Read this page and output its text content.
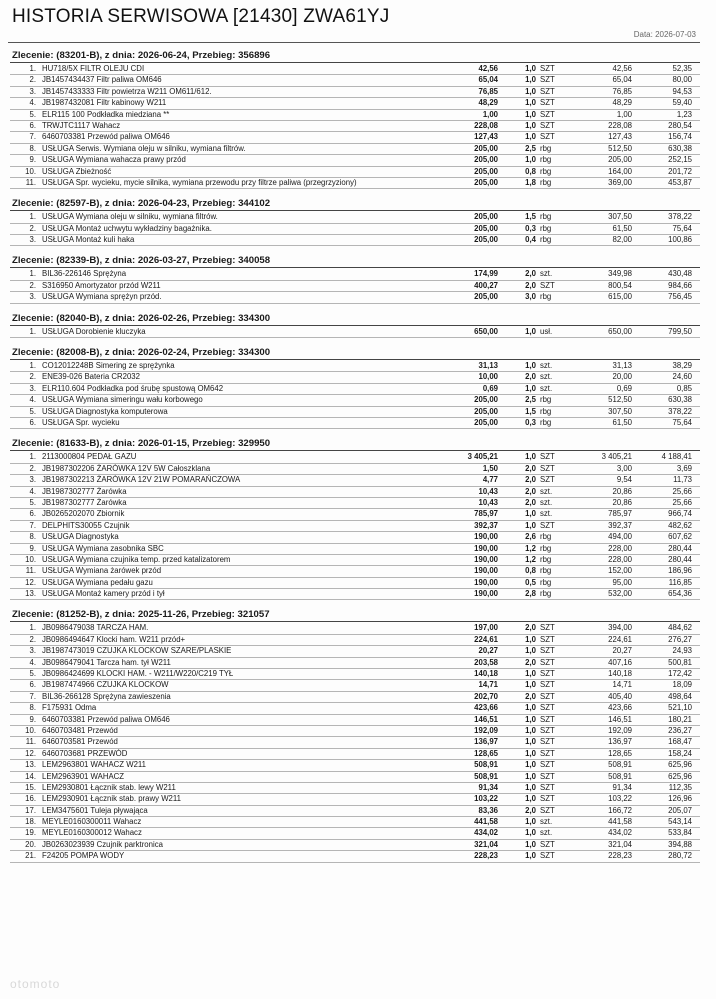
HISTORIA SERWISOWA [21430] ZWA61YJ
Data: 2026-07-03
Zlecenie: (83201-B), z dnia: 2026-06-24, Przebieg: 356896
1. HU718/5X FILTR OLEJU CDI	42,56	1,0 SZT	42,56	52,35
2. JB1457434437 Filtr paliwa OM646	65,04	1,0 SZT	65,04	80,00
3. JB1457433333 Filtr powietrza W211 OM611/612.	76,85	1,0 SZT	76,85	94,53
4. JB1987432081 Filtr kabinowy W211	48,29	1,0 SZT	48,29	59,40
5. ELR115 100 Podkładka miedziana **	1,00	1,0 SZT	1,00	1,23
6. TRWJTC1117 Wahacz	228,08	1,0 SZT	228,08	280,54
7. 6460703381 Przewód paliwa OM646	127,43	1,0 SZT	127,43	156,74
8. USŁUGA Serwis. Wymiana oleju w silniku, wymiana filtrów.	205,00	2,5 rbg	512,50	630,38
9. USŁUGA Wymiana wahacza prawy przód	205,00	1,0 rbg	205,00	252,15
10. USŁUGA Zbieżność	205,00	0,8 rbg	164,00	201,72
11. USŁUGA Spr. wycieku, mycie silnika, wymiana przewodu przy filtrze paliwa (przegrzyziony)	205,00	1,8 rbg	369,00	453,87
Zlecenie: (82597-B), z dnia: 2026-04-23, Przebieg: 344102
1. USŁUGA Wymiana oleju w silniku, wymiana filtrów.	205,00	1,5 rbg	307,50	378,22
2. USŁUGA Montaż uchwytu wykładziny bagażnika.	205,00	0,3 rbg	61,50	75,64
3. USŁUGA Montaż kuli haka	205,00	0,4 rbg	82,00	100,86
Zlecenie: (82339-B), z dnia: 2026-03-27, Przebieg: 340058
1. BIL36-226146 Sprężyna	174,99	2,0 szt.	349,98	430,48
2. S316950 Amortyzator przód W211	400,27	2,0 SZT	800,54	984,66
3. USŁUGA Wymiana sprężyn przód.	205,00	3,0 rbg	615,00	756,45
Zlecenie: (82040-B), z dnia: 2026-02-26, Przebieg: 334300
1. USŁUGA Dorobienie kluczyka	650,00	1,0 usł.	650,00	799,50
Zlecenie: (82008-B), z dnia: 2026-02-24, Przebieg: 334300
1. CO12012248B Simering ze sprężynka	31,13	1,0 szt.	31,13	38,29
2. ENE39-026 Bateria CR2032	10,00	2,0 szt.	20,00	24,60
3. ELR110.604 Podkładka pod śrubę spustową OM642	0,69	1,0 szt.	0,69	0,85
4. USŁUGA Wymiana simeringu wału korbowego	205,00	2,5 rbg	512,50	630,38
5. USŁUGA Diagnostyka komputerowa	205,00	1,5 rbg	307,50	378,22
6. USŁUGA Spr. wycieku	205,00	0,3 rbg	61,50	75,64
Zlecenie: (81633-B), z dnia: 2026-01-15, Przebieg: 329950
1. 2113000804 PEDAŁ GAZU	3 405,21	1,0 SZT	3 405,21	4 188,41
2. JB1987302206 ŻARÓWKA 12V 5W Całoszklana	1,50	2,0 SZT	3,00	3,69
3. JB1987302213 ŻARÓWKA 12V 21W POMARAŃCZOWA	4,77	2,0 SZT	9,54	11,73
4. JB1987302777 Żarówka	10,43	2,0 szt.	20,86	25,66
5. JB1987302777 Żarówka	10,43	2,0 szt.	20,86	25,66
6. JB0265202070 Zbiornik	785,97	1,0 szt.	785,97	966,74
7. DELPHITS30055 Czujnik	392,37	1,0 SZT	392,37	482,62
8. USŁUGA Diagnostyka	190,00	2,6 rbg	494,00	607,62
9. USŁUGA Wymiana zasobnika SBC	190,00	1,2 rbg	228,00	280,44
10. USŁUGA Wymiana czujnika temp. przed katalizatorem	190,00	1,2 rbg	228,00	280,44
11. USŁUGA Wymiana żarówek przód	190,00	0,8 rbg	152,00	186,96
12. USŁUGA Wymiana pedału gazu	190,00	0,5 rbg	95,00	116,85
13. USŁUGA Montaż kamery przód i tył	190,00	2,8 rbg	532,00	654,36
Zlecenie: (81252-B), z dnia: 2025-11-26, Przebieg: 321057
1. JB0986479038 TARCZA HAM.	197,00	2,0 SZT	394,00	484,62
2. JB0986494647 Klocki ham. W211 przód+	224,61	1,0 SZT	224,61	276,27
3. JB1987473019 CZUJKA KLOCKOW SZARE/PLASKIE	20,27	1,0 SZT	20,27	24,93
4. JB0986479041 Tarcza ham. tył W211	203,58	2,0 SZT	407,16	500,81
5. JB0986424699 KLOCKI HAM. - W211/W220/C219 TYŁ	140,18	1,0 SZT	140,18	172,42
6. JB1987474966 CZUJKA KLOCKOW	14,71	1,0 SZT	14,71	18,09
7. BIL36-266128 Sprężyna zawieszenia	202,70	2,0 SZT	405,40	498,64
8. F175931 Odma	423,66	1,0 SZT	423,66	521,10
9. 6460703381 Przewód paliwa OM646	146,51	1,0 SZT	146,51	180,21
10. 6460703481 Przewód	192,09	1,0 SZT	192,09	236,27
11. 6460703581 Przewód	136,97	1,0 SZT	136,97	168,47
12. 6460703681 PRZEWÓD	128,65	1,0 SZT	128,65	158,24
13. LEM2963801 WAHACZ W211	508,91	1,0 SZT	508,91	625,96
14. LEM2963901 WAHACZ	508,91	1,0 SZT	508,91	625,96
15. LEM2930801 Łącznik stab. lewy W211	91,34	1,0 SZT	91,34	112,35
16. LEM2930901 Łącznik stab. prawy W211	103,22	1,0 SZT	103,22	126,96
17. LEM3475601 Tuleja pływająca	83,36	2,0 SZT	166,72	205,07
18. MEYLE0160300011 Wahacz	441,58	1,0 szt.	441,58	543,14
19. MEYLE0160300012 Wahacz	434,02	1,0 szt.	434,02	533,84
20. JB0263023939 Czujnik parktronica	321,04	1,0 SZT	321,04	394,88
21. F24205 POMPA WODY	228,23	1,0 SZT	228,23	280,72
otomoto
